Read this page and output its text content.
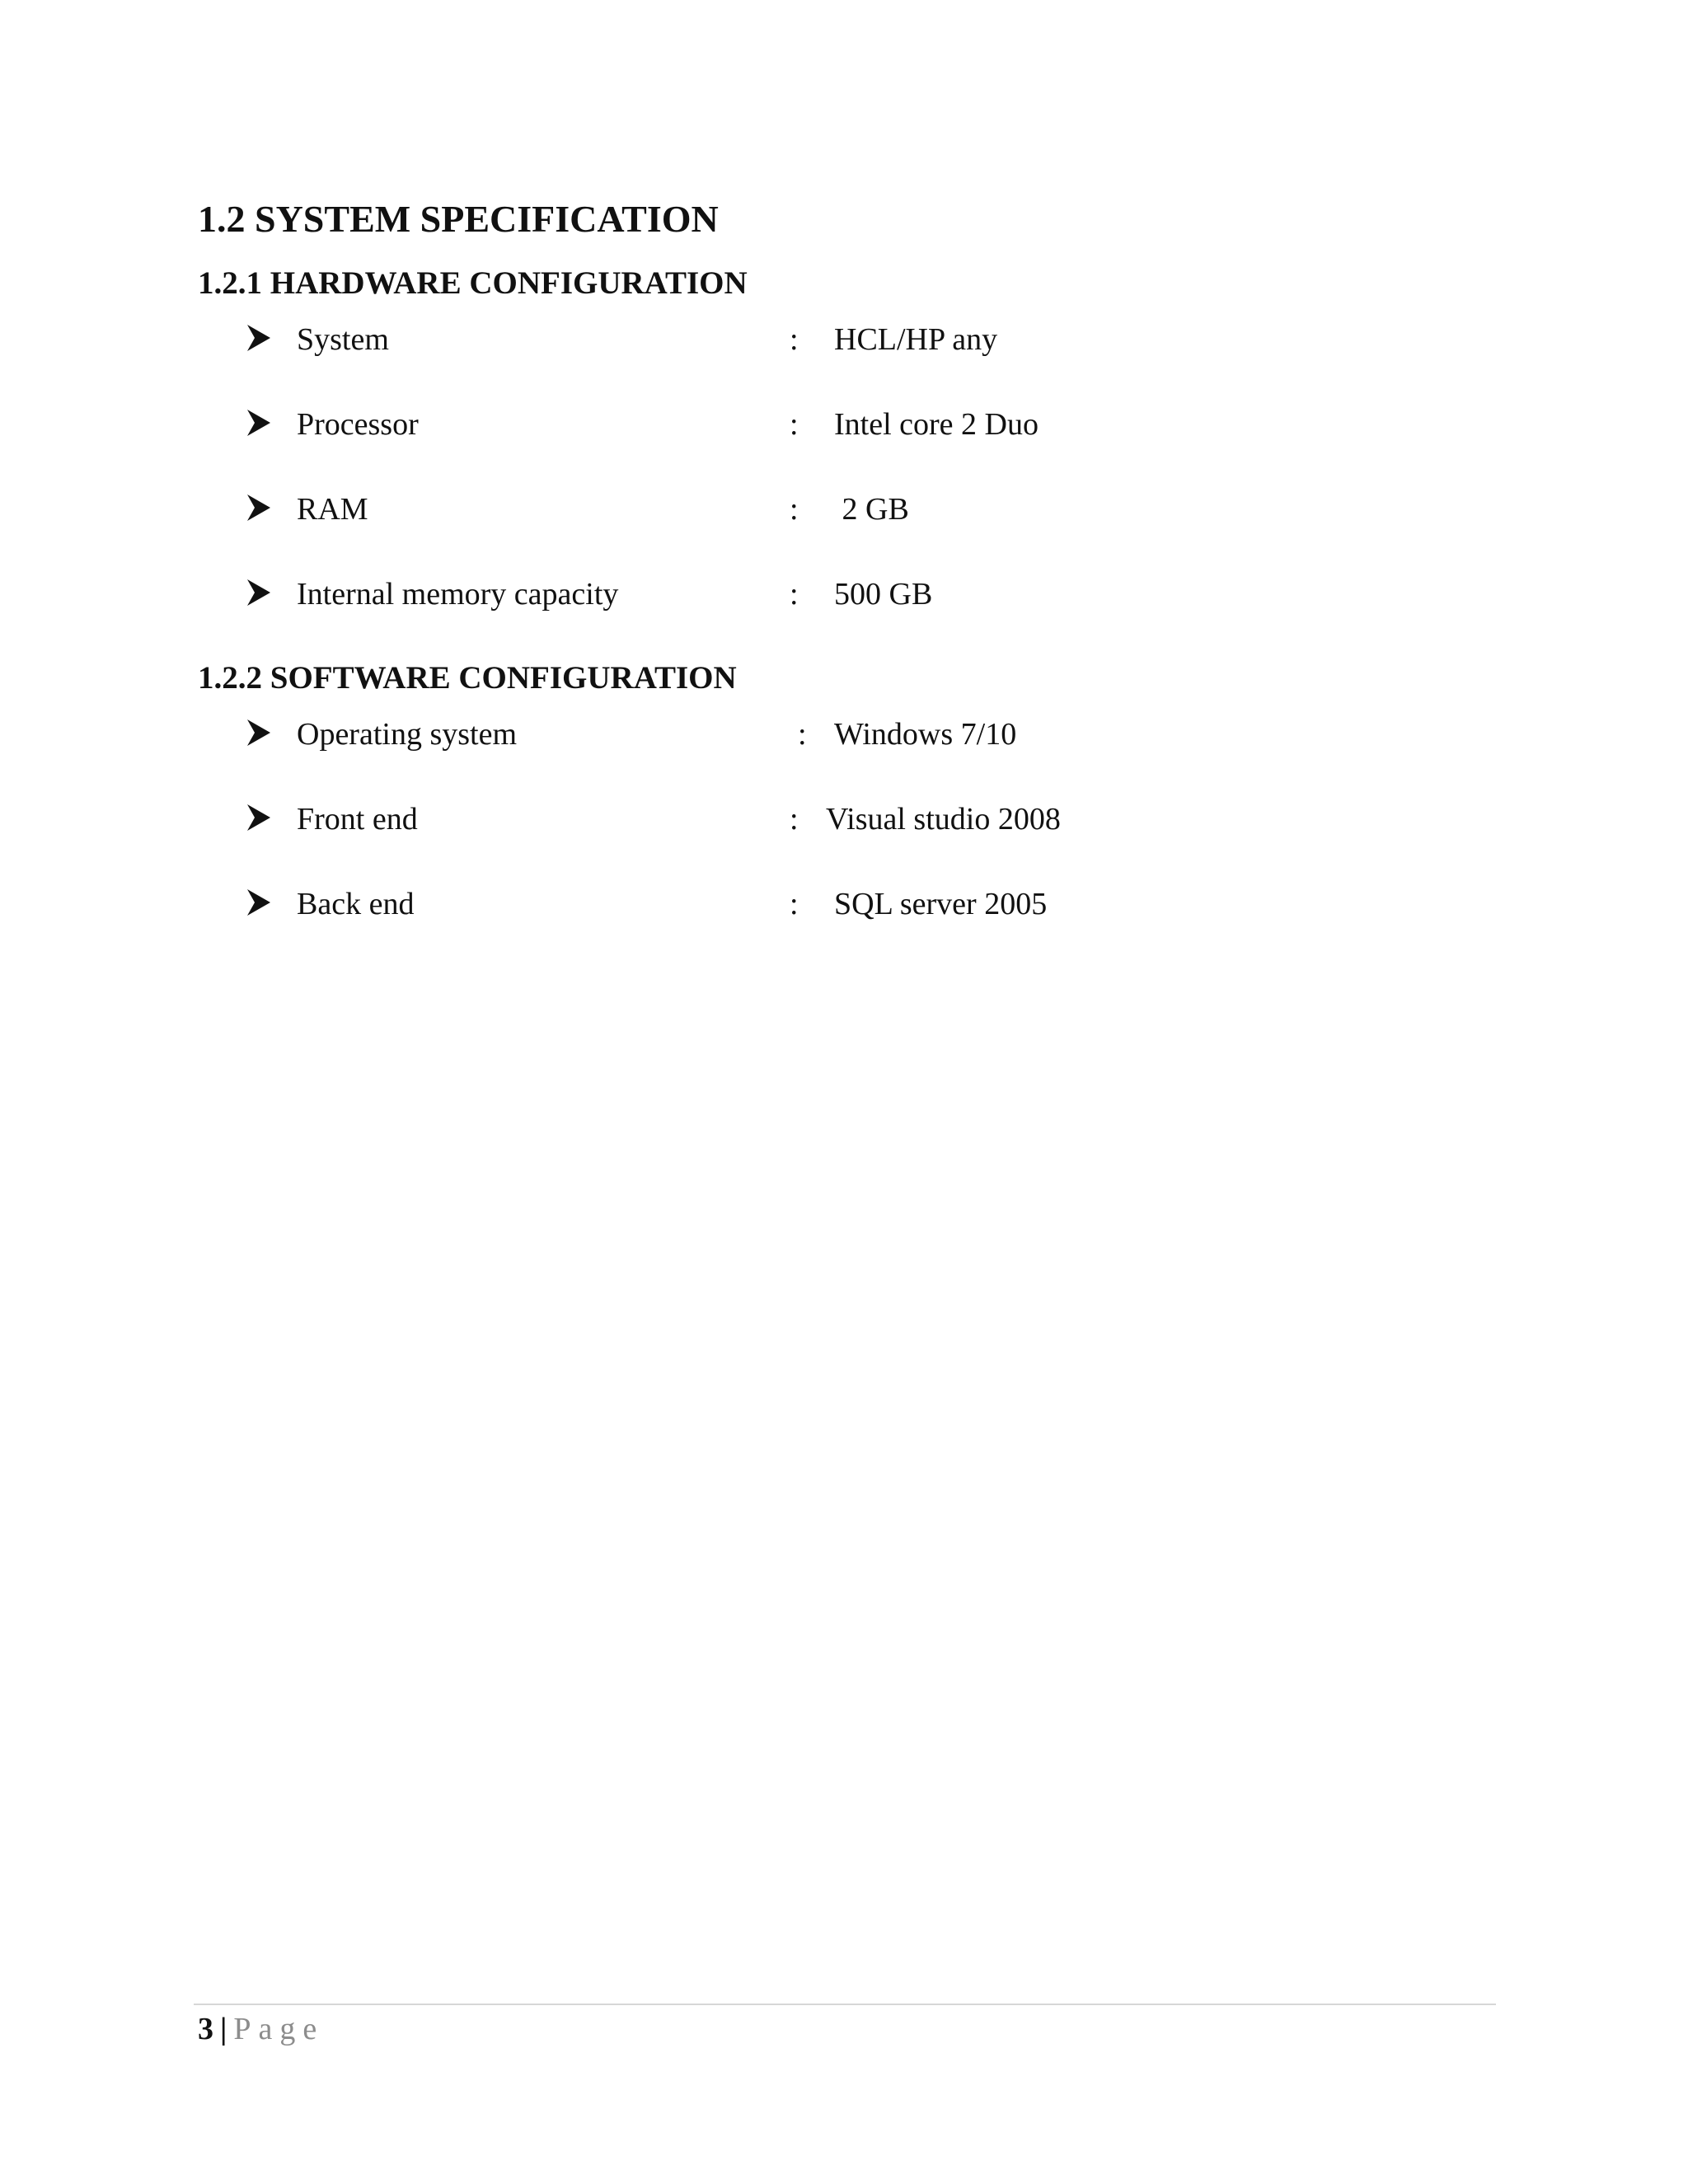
1.2 SYSTEM SPECIFICATION
1.2.1 HARDWARE CONFIGURATION
System	: HCL/HP any
Processor	: Intel core 2 Duo
RAM	: 2 GB
Internal memory capacity	: 500 GB
1.2.2 SOFTWARE CONFIGURATION
Operating system	: Windows 7/10
Front end	: Visual studio 2008
Back end	: SQL server 2005
3 | Page
